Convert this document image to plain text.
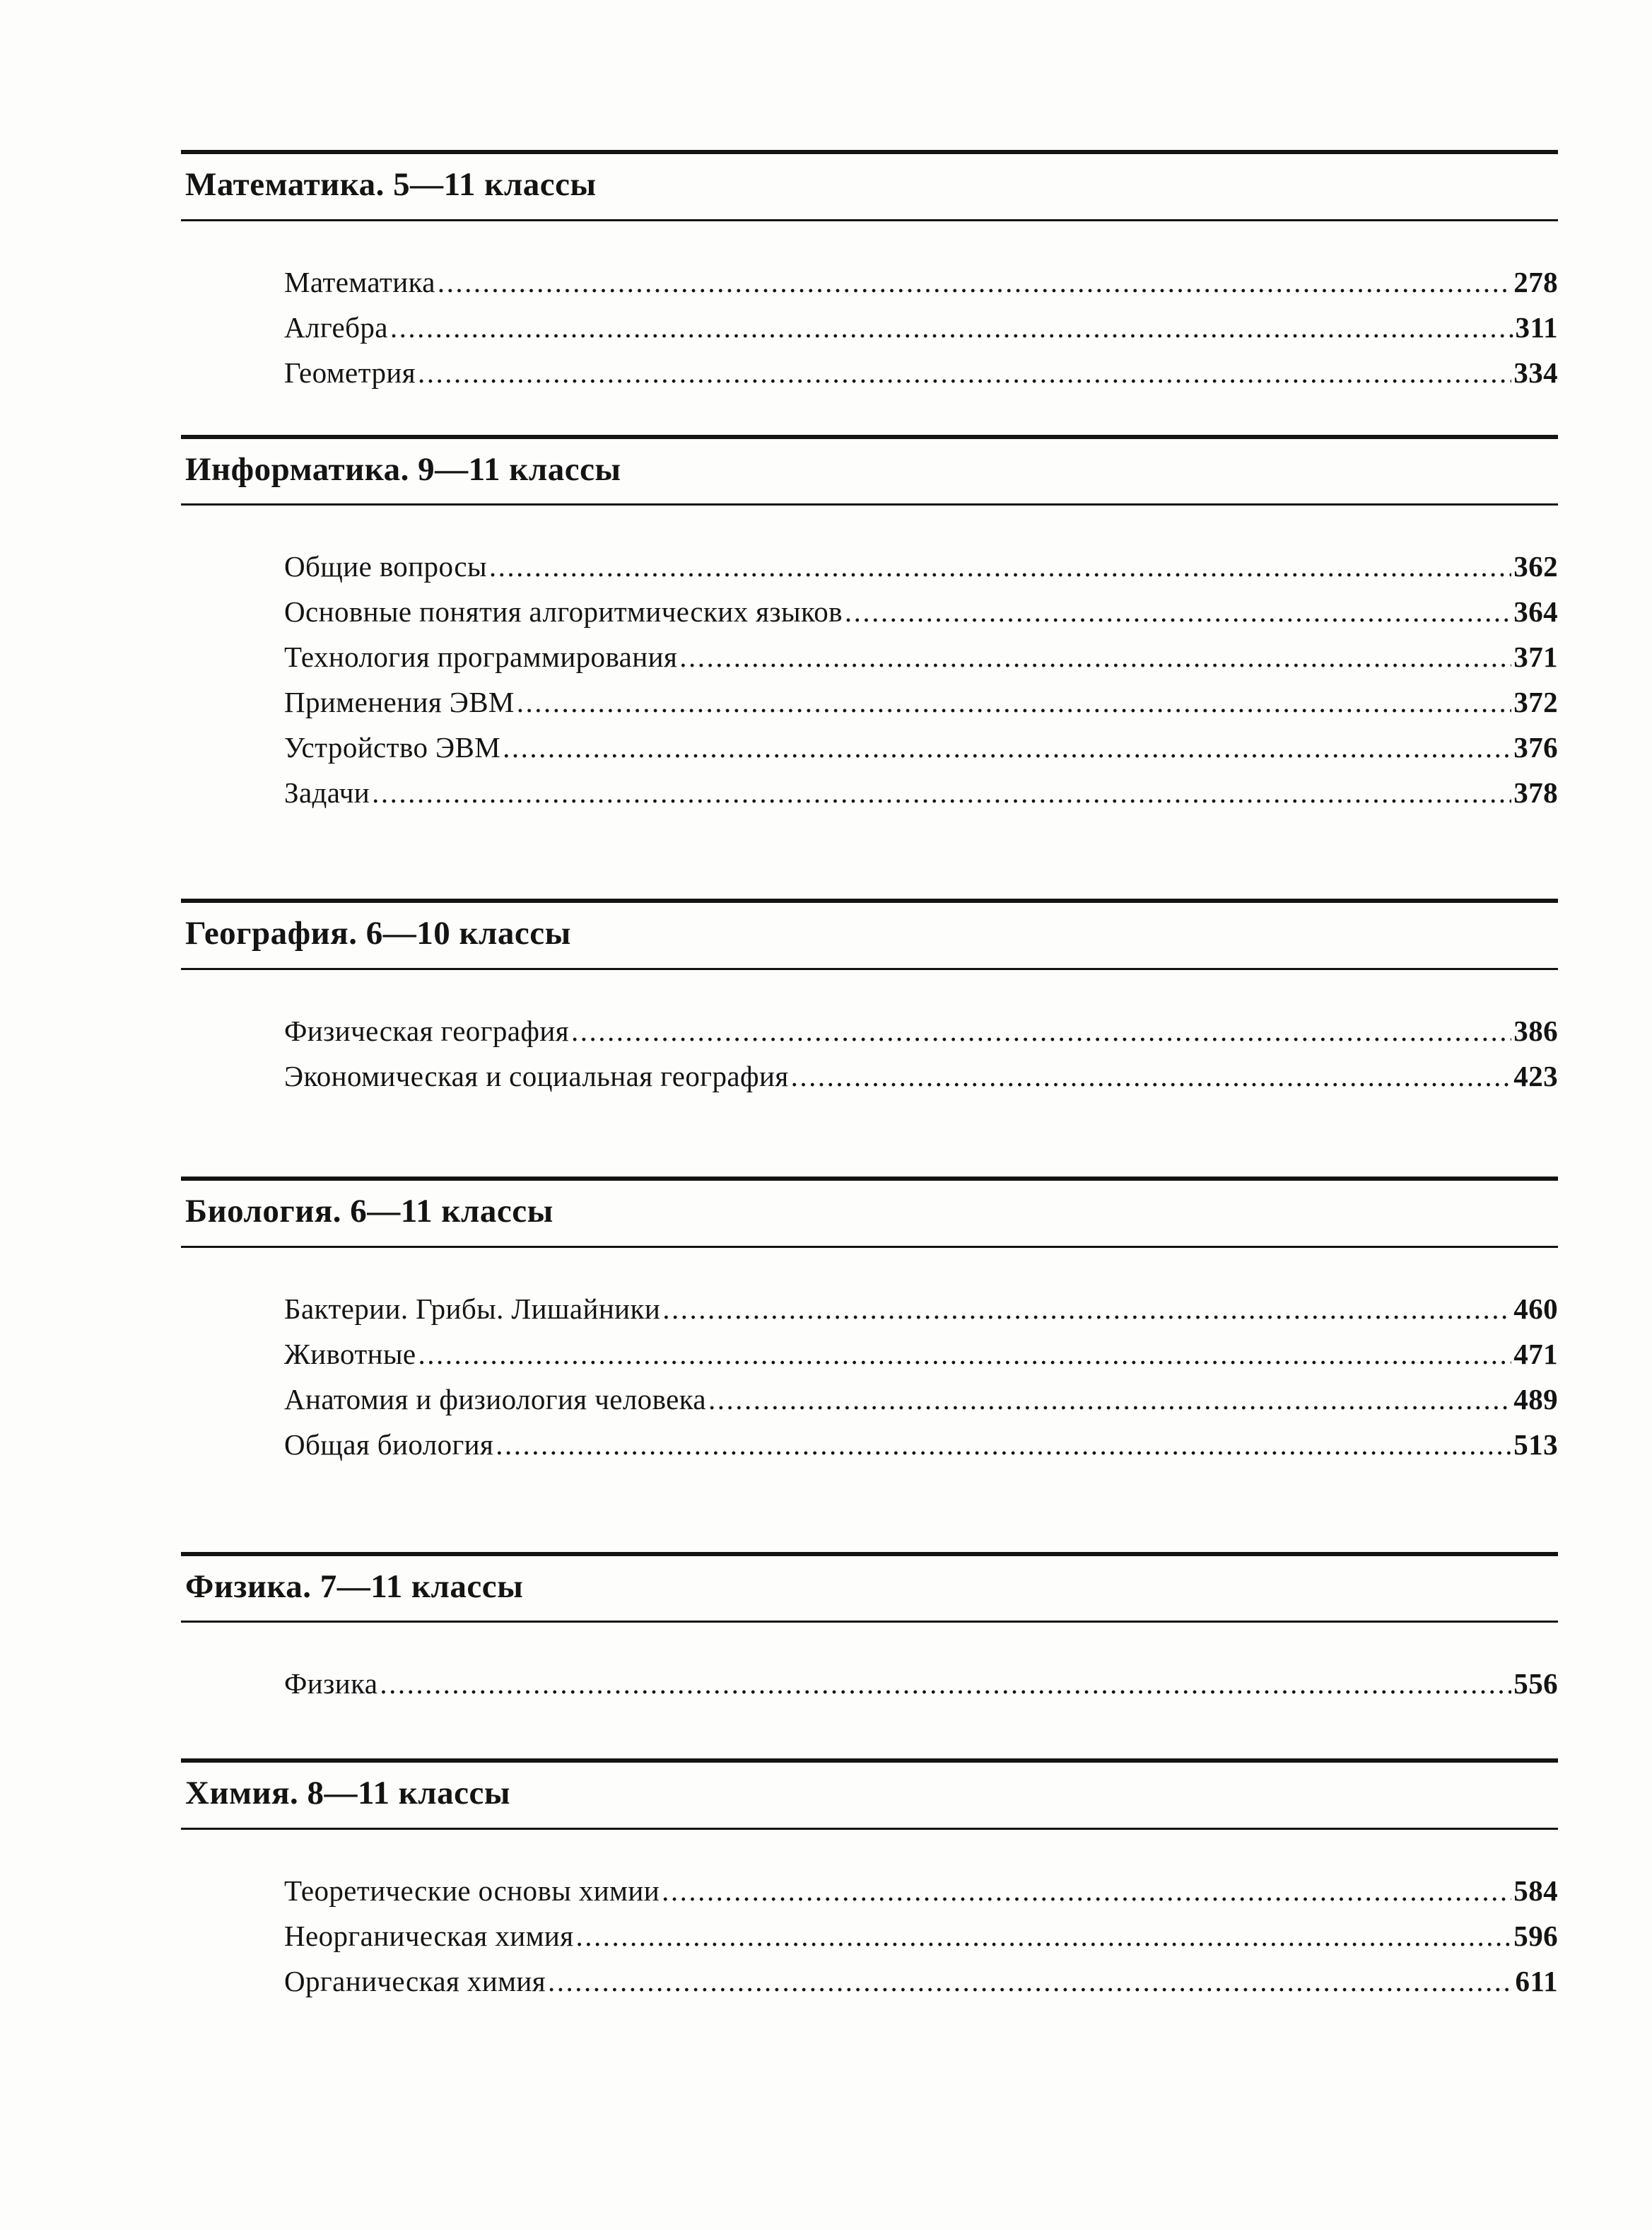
Математика. 5—11 классы
Математика .....	278
Алгебра .....	311
Геометрия .....	334
Информатика. 9—11 классы
Общие вопросы .....	362
Основные понятия алгоритмических языков .....	364
Технология программирования .....	371
Применения ЭВМ .....	372
Устройство ЭВМ .....	376
Задачи .....	378
География. 6—10 классы
Физическая география .....	386
Экономическая и социальная география .....	423
Биология. 6—11 классы
Бактерии. Грибы. Лишайники .....	460
Животные .....	471
Анатомия и физиология человека .....	489
Общая биология .....	513
Физика. 7—11 классы
Физика .....	556
Химия. 8—11 классы
Теоретические основы химии .....	584
Неорганическая химия .....	596
Органическая химия .....	611
